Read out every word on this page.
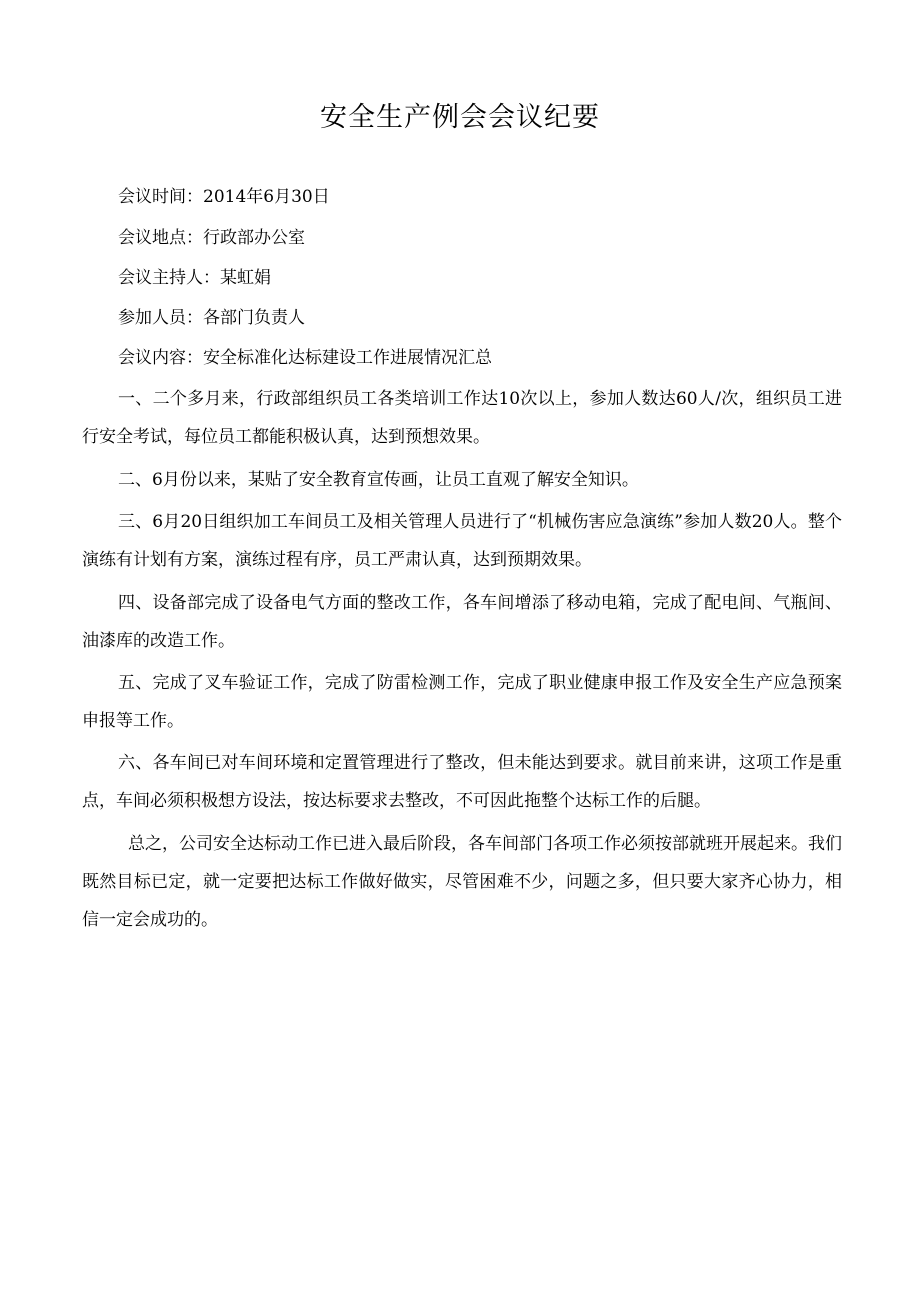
安全生产例会会议纪要
会议时间：2014年6月30日
会议地点：行政部办公室
会议主持人：某虹娟
参加人员：各部门负责人
会议内容：安全标准化达标建设工作进展情况汇总
一、二个多月来，行政部组织员工各类培训工作达10次以上，参加人数达60人/次，组织员工进行安全考试，每位员工都能积极认真，达到预想效果。
二、6月份以来，某贴了安全教育宣传画，让员工直观了解安全知识。
三、6月20日组织加工车间员工及相关管理人员进行了“机械伤害应急演练”参加人数20人。整个演练有计划有方案，演练过程有序，员工严肃认真，达到预期效果。
四、设备部完成了设备电气方面的整改工作，各车间增添了移动电箱，完成了配电间、气瓶间、油漆库的改造工作。
五、完成了叉车验证工作，完成了防雷检测工作，完成了职业健康申报工作及安全生产应急预案申报等工作。
六、各车间已对车间环境和定置管理进行了整改，但未能达到要求。就目前来讲，这项工作是重点，车间必须积极想方设法，按达标要求去整改，不可因此拖整个达标工作的后腿。
总之，公司安全达标动工作已进入最后阶段，各车间部门各项工作必须按部就班开展起来。我们既然目标已定，就一定要把达标工作做好做实，尽管困难不少，问题之多，但只要大家齐心协力，相信一定会成功的。
